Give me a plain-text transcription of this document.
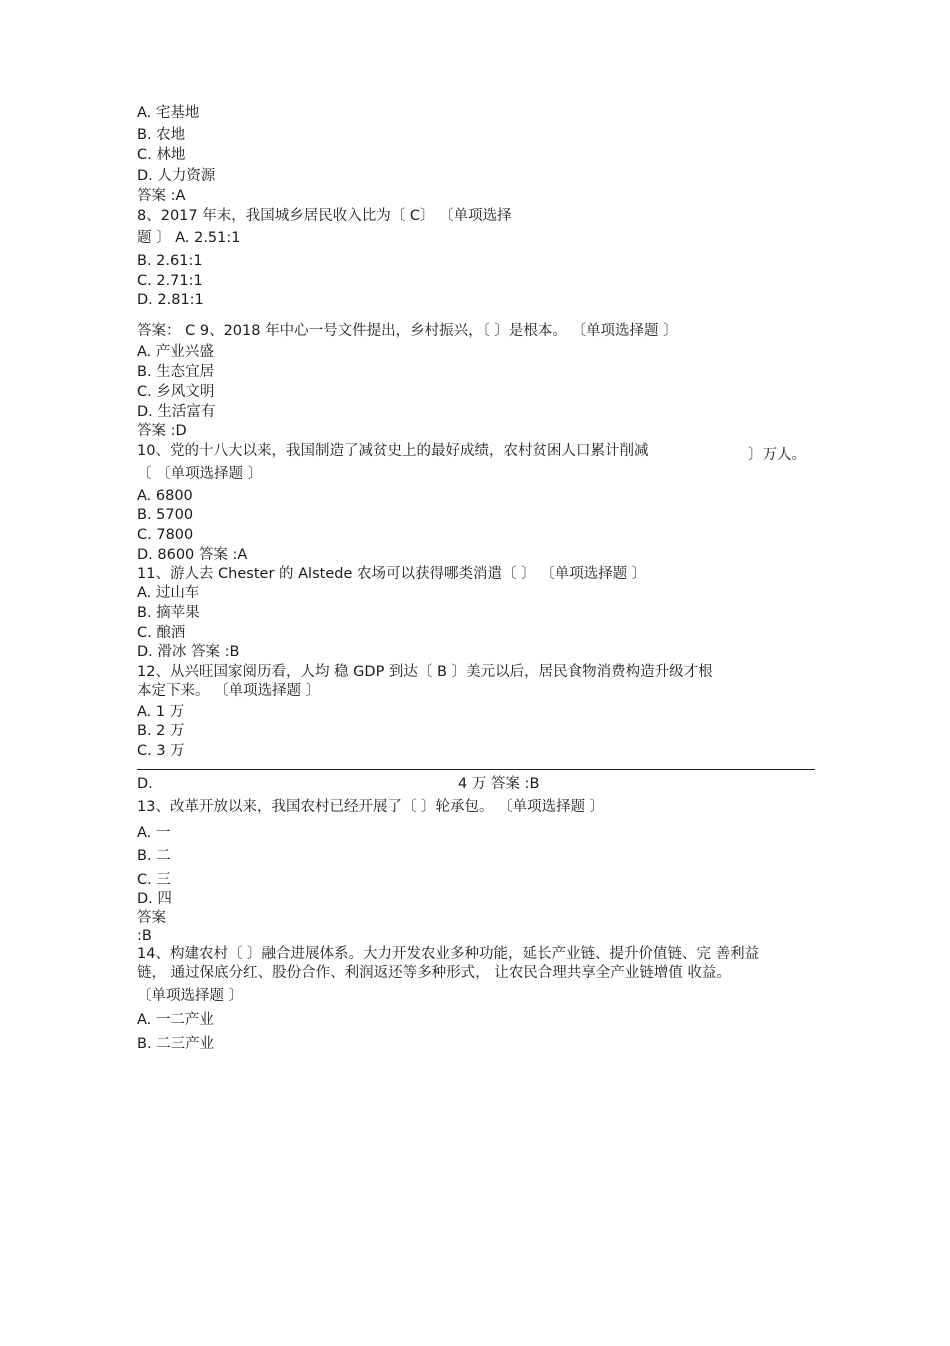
A. 宅基地
B. 农地
C. 林地
D. 人力资源
答案 :A
8、2017 年末，我国城乡居民收入比为〔 C〕 〔单项选择
题 〕 A. 2.51:1
B. 2.61:1
C. 2.71:1
D. 2.81:1
答案： C 9、2018 年中心一号文件提出，乡村振兴，〔 〕是根本。 〔单项选择题 〕
A. 产业兴盛
B. 生态宜居
C. 乡风文明
D. 生活富有
答案 :D
10、党的十八大以来，我国制造了减贫史上的最好成绩，农村贫困人口累计削减	〕万人。
〔 〔单项选择题 〕
A. 6800
B. 5700
C. 7800
D. 8600 答案 :A
11、游人去 Chester 的 Alstede 农场可以获得哪类消遣〔 〕 〔单项选择题 〕
A. 过山车
B. 摘苹果
C. 酿酒
D. 滑冰 答案 :B
12、从兴旺国家阅历看，人均 稳 GDP 到达〔 B 〕美元以后，居民食物消费构造升级才根
本定下来。 〔单项选择题 〕
A. 1 万
B. 2 万
C. 3 万
D.	4 万 答案 :B
13、改革开放以来，我国农村已经开展了〔 〕轮承包。 〔单项选择题 〕
A. 一
B. 二
C. 三
D. 四
答案
:B
14、构建农村〔 〕融合进展体系。大力开发农业多种功能，延长产业链、提升价值链、完 善利益
链， 通过保底分红、股份合作、利润返还等多种形式， 让农民合理共享全产业链增值 收益。
〔单项选择题 〕
A. 一二产业
B. 二三产业
